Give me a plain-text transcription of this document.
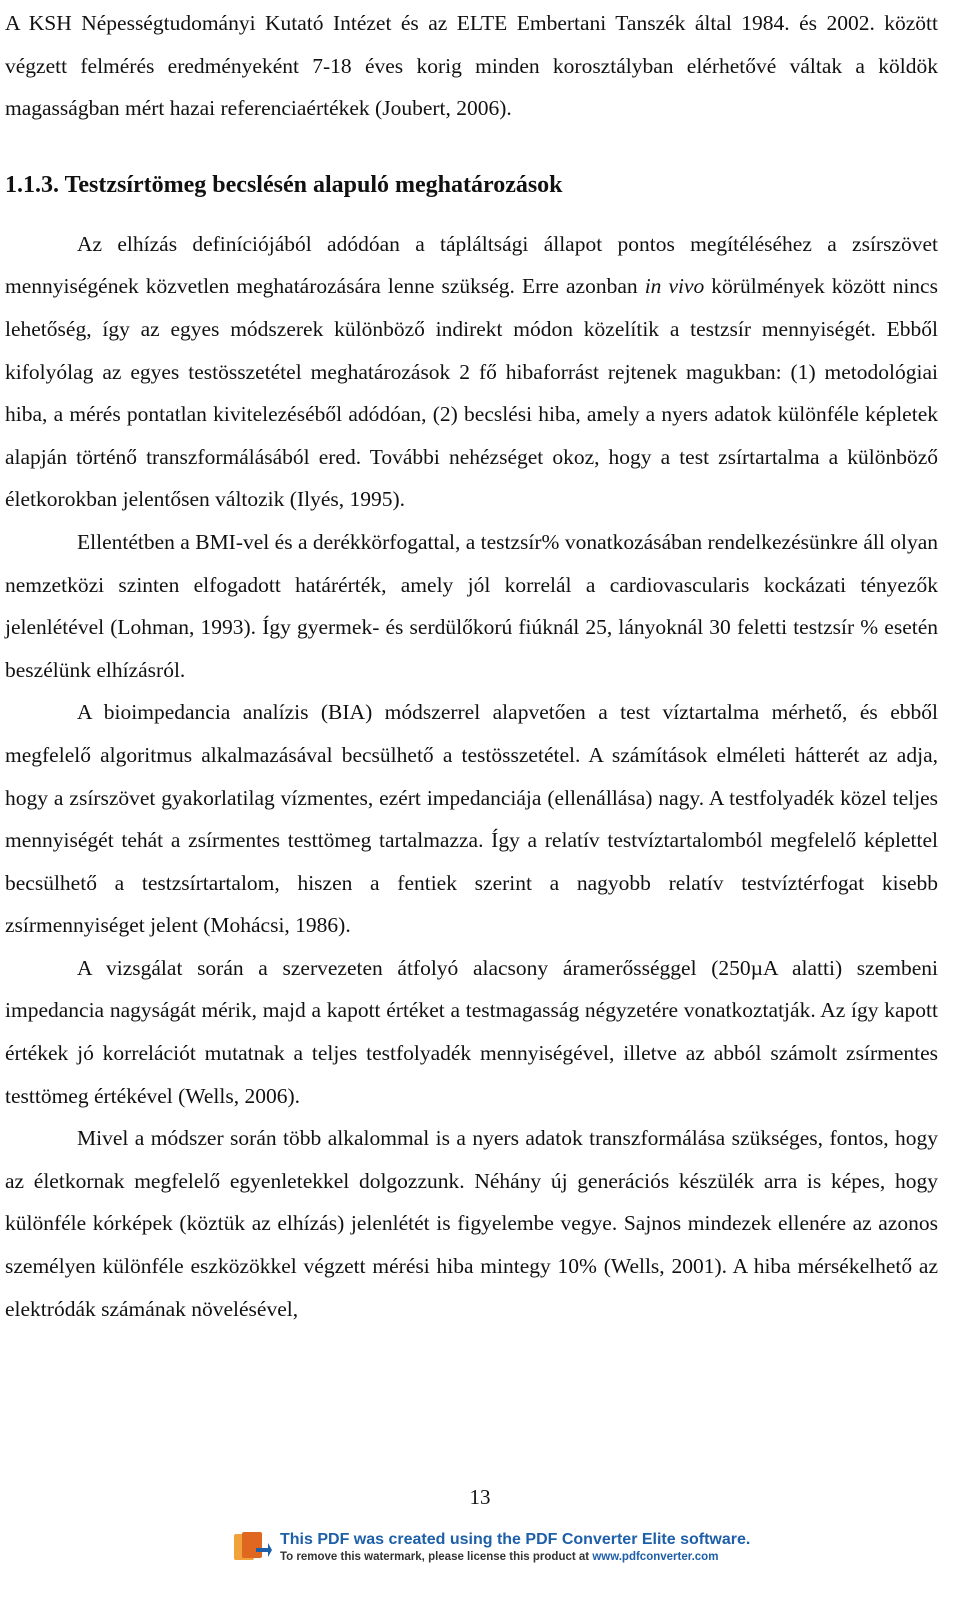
A KSH Népességtudományi Kutató Intézet és az ELTE Embertani Tanszék által 1984. és 2002. között végzett felmérés eredményeként 7-18 éves korig minden korosztályban elérhetővé váltak a köldök magasságban mért hazai referenciaértékek (Joubert, 2006).

1.1.3. Testzsírtömeg becslésén alapuló meghatározások

Az elhízás definíciójából adódóan a tápláltsági állapot pontos megítéléséhez a zsírszövet mennyiségének közvetlen meghatározására lenne szükség. Erre azonban in vivo körülmények között nincs lehetőség, így az egyes módszerek különböző indirekt módon közelítik a testzsír mennyiségét. Ebből kifolyólag az egyes testösszetétel meghatározások 2 fő hibaforrást rejtenek magukban: (1) metodológiai hiba, a mérés pontatlan kivitelezéséből adódóan, (2) becslési hiba, amely a nyers adatok különféle képletek alapján történő transzformálásából ered. További nehézséget okoz, hogy a test zsírtartalma a különböző életkorokban jelentősen változik (Ilyés, 1995).

Ellentétben a BMI-vel és a derékkörfogattal, a testzsír% vonatkozásában rendelkezésünkre áll olyan nemzetközi szinten elfogadott határérték, amely jól korrelál a cardiovascularis kockázati tényezők jelenlétével (Lohman, 1993). Így gyermek- és serdülőkorú fiúknál 25, lányoknál 30 feletti testzsír % esetén beszélünk elhízásról.

A bioimpedancia analízis (BIA) módszerrel alapvetően a test víztartalma mérhető, és ebből megfelelő algoritmus alkalmazásával becsülhető a testösszetétel. A számítások elméleti hátterét az adja, hogy a zsírszövet gyakorlatilag vízmentes, ezért impedanciája (ellenállása) nagy. A testfolyadék közel teljes mennyiségét tehát a zsírmentes testtömeg tartalmazza. Így a relatív testvíztartalomból megfelelő képlettel becsülhető a testzsírtartalom, hiszen a fentiek szerint a nagyobb relatív testvíztérfogat kisebb zsírmennyiséget jelent (Mohácsi, 1986).

A vizsgálat során a szervezeten átfolyó alacsony áramerősséggel (250µA alatti) szembeni impedancia nagyságát mérik, majd a kapott értéket a testmagasság négyzetére vonatkoztatják. Az így kapott értékek jó korrelációt mutatnak a teljes testfolyadék mennyiségével, illetve az abból számolt zsírmentes testtömeg értékével (Wells, 2006).

Mivel a módszer során több alkalommal is a nyers adatok transzformálása szükséges, fontos, hogy az életkornak megfelelő egyenletekkel dolgozzunk. Néhány új generációs készülék arra is képes, hogy különféle kórképek (köztük az elhízás) jelenlétét is figyelembe vegye. Sajnos mindezek ellenére az azonos személyen különféle eszközökkel végzett mérési hiba mintegy 10% (Wells, 2001). A hiba mérsékelhető az elektródák számának növelésével,

13
This PDF was created using the PDF Converter Elite software.
To remove this watermark, please license this product at www.pdfconverter.com
